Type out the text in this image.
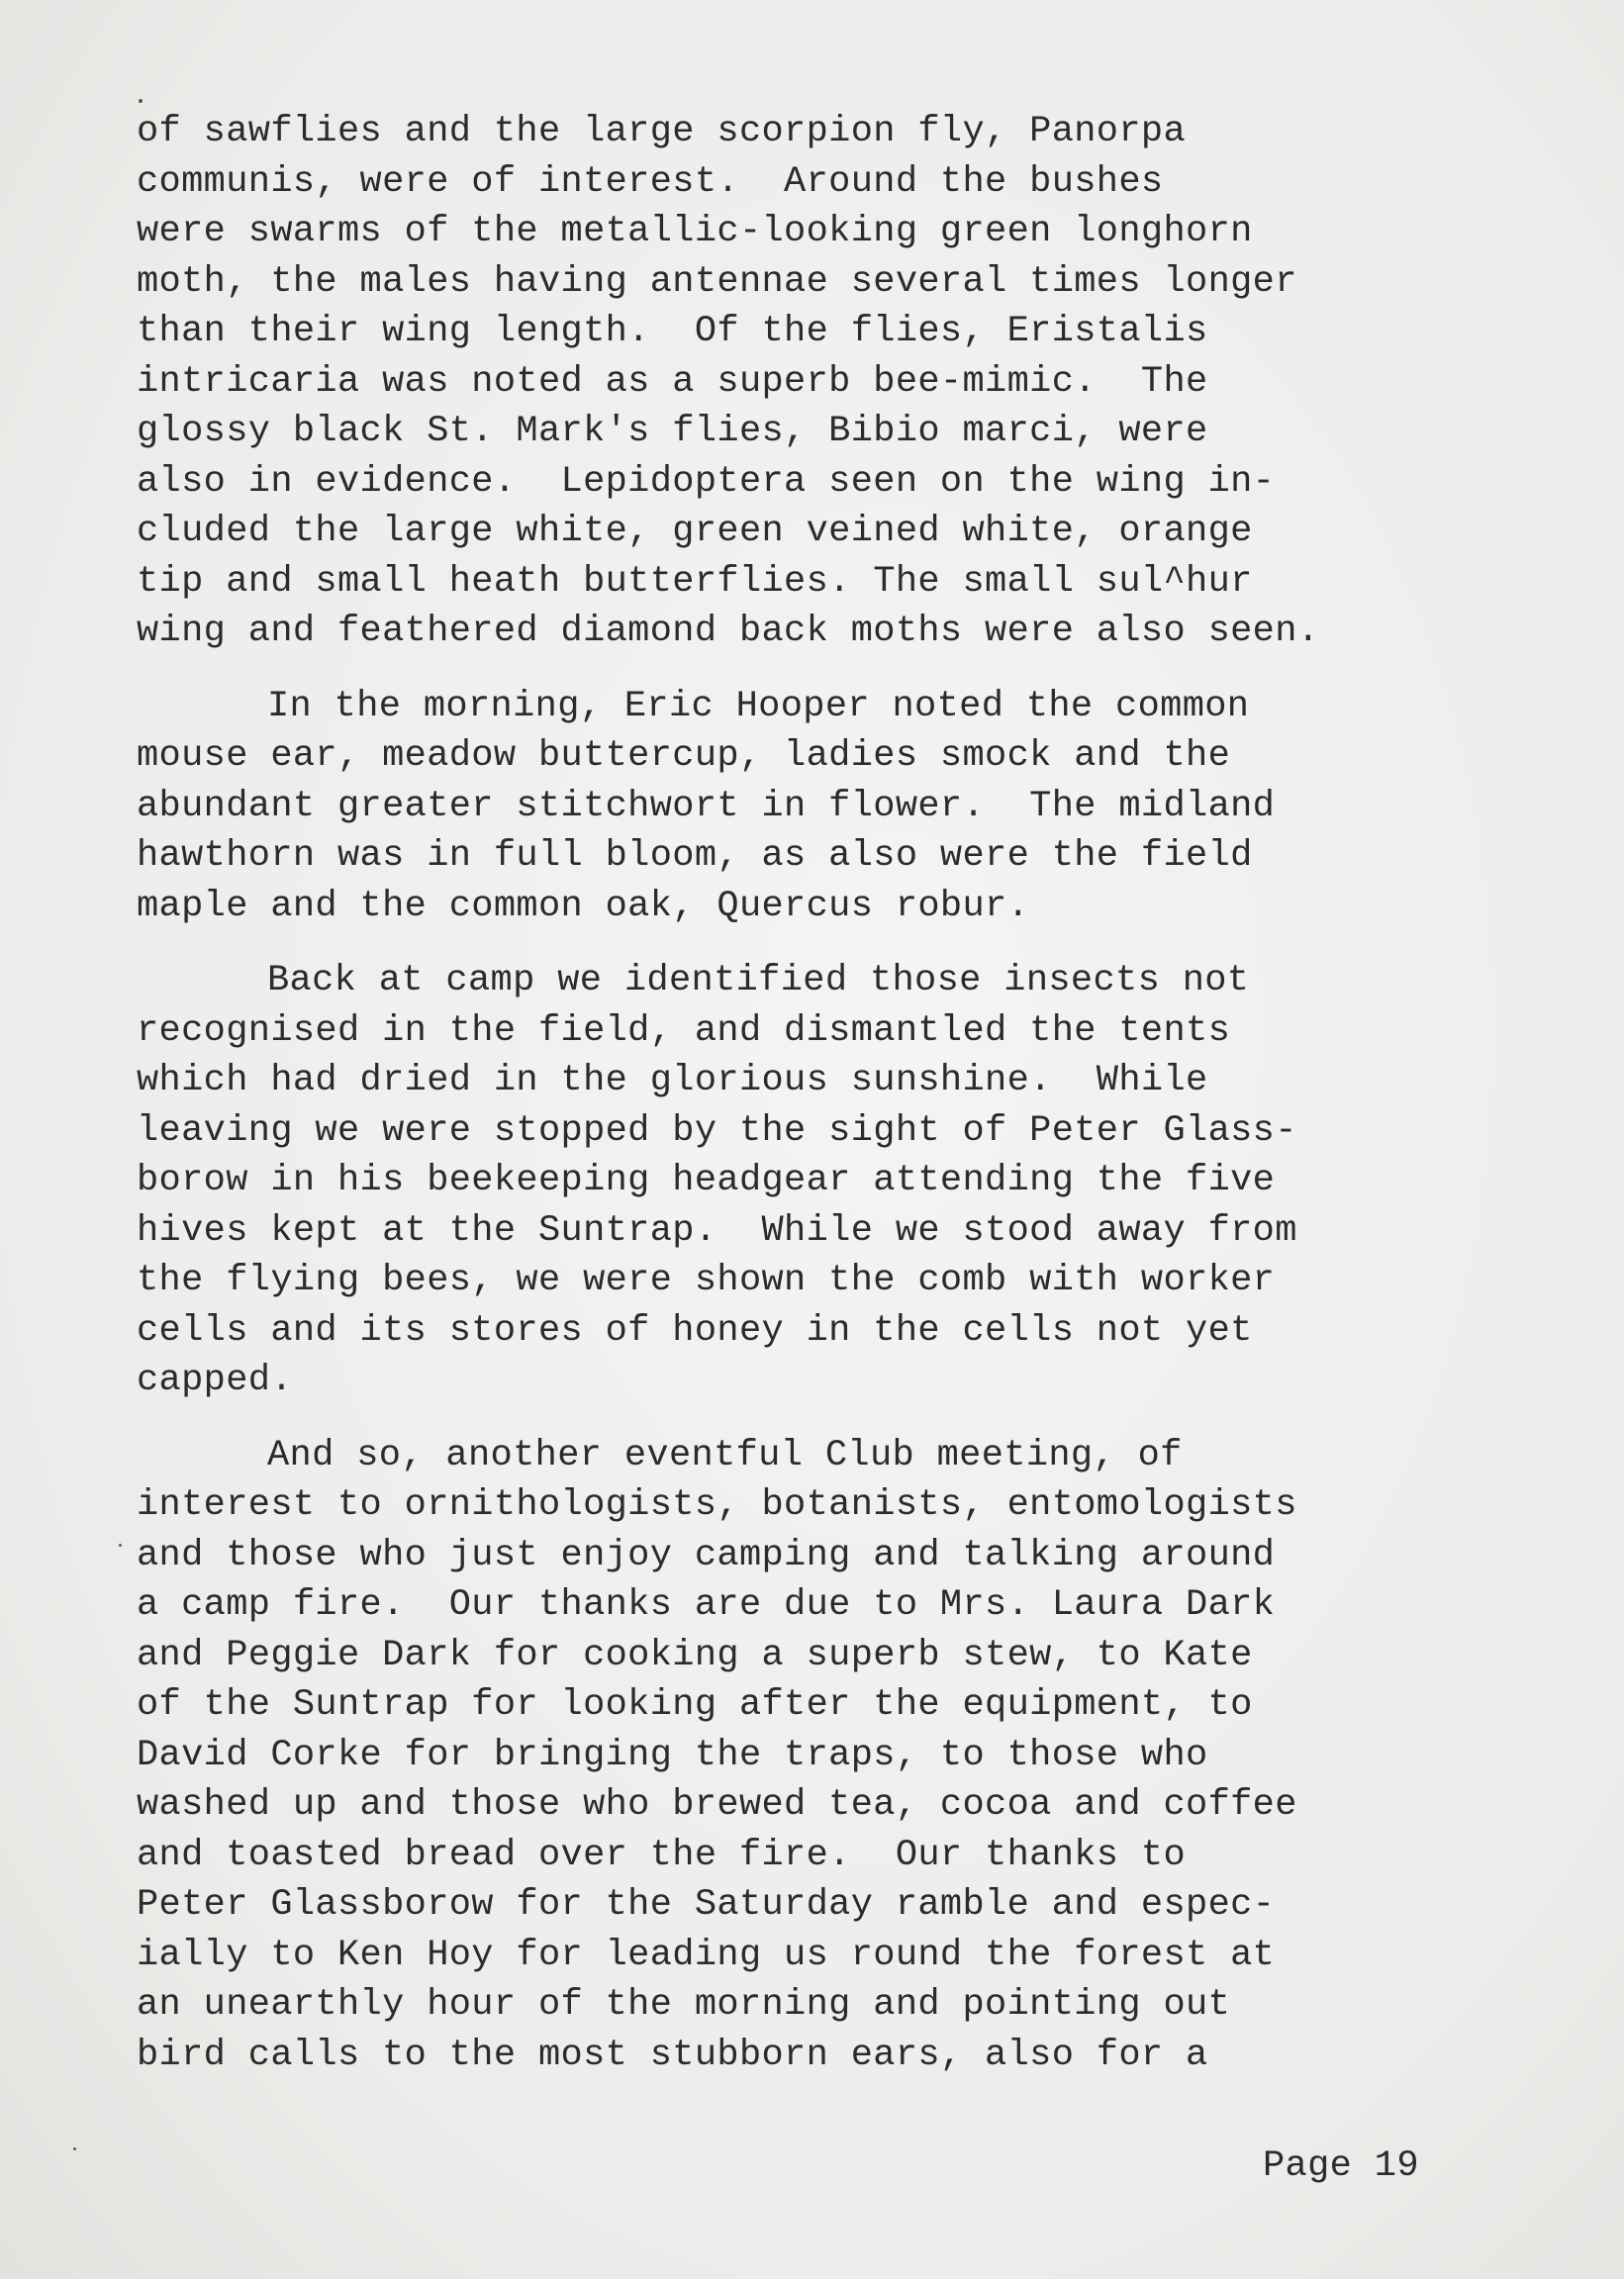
of sawflies and the large scorpion fly, Panorpa

communis, were of interest.  Around the bushes

were swarms of the metallic-looking green longhorn

moth, the males having antennae several times longer

than their wing length.  Of the flies, Eristalis

intricaria was noted as a superb bee-mimic.  The

glossy black St. Mark's flies, Bibio marci, were

also in evidence.  Lepidoptera seen on the wing in-

cluded the large white, green veined white, orange

tip and small heath butterflies. The small sul^hur

wing and feathered diamond back moths were also seen.

In the morning, Eric Hooper noted the common

mouse ear, meadow buttercup, ladies smock and the

abundant greater stitchwort in flower.  The midland

hawthorn was in full bloom, as also were the field

maple and the common oak, Quercus robur.

Back at camp we identified those insects not

recognised in the field, and dismantled the tents

which had dried in the glorious sunshine.  While

leaving we were stopped by the sight of Peter Glass-

borow in his beekeeping headgear attending the five

hives kept at the Suntrap.  While we stood away from

the flying bees, we were shown the comb with worker

cells and its stores of honey in the cells not yet

capped.

And so, another eventful Club meeting, of

interest to ornithologists, botanists, entomologists

and those who just enjoy camping and talking around

a camp fire.  Our thanks are due to Mrs. Laura Dark

and Peggie Dark for cooking a superb stew, to Kate

of the Suntrap for looking after the equipment, to

David Corke for bringing the traps, to those who

washed up and those who brewed tea, cocoa and coffee

and toasted bread over the fire.  Our thanks to

Peter Glassborow for the Saturday ramble and espec-

ially to Ken Hoy for leading us round the forest at

an unearthly hour of the morning and pointing out

bird calls to the most stubborn ears, also for a

Page 19
